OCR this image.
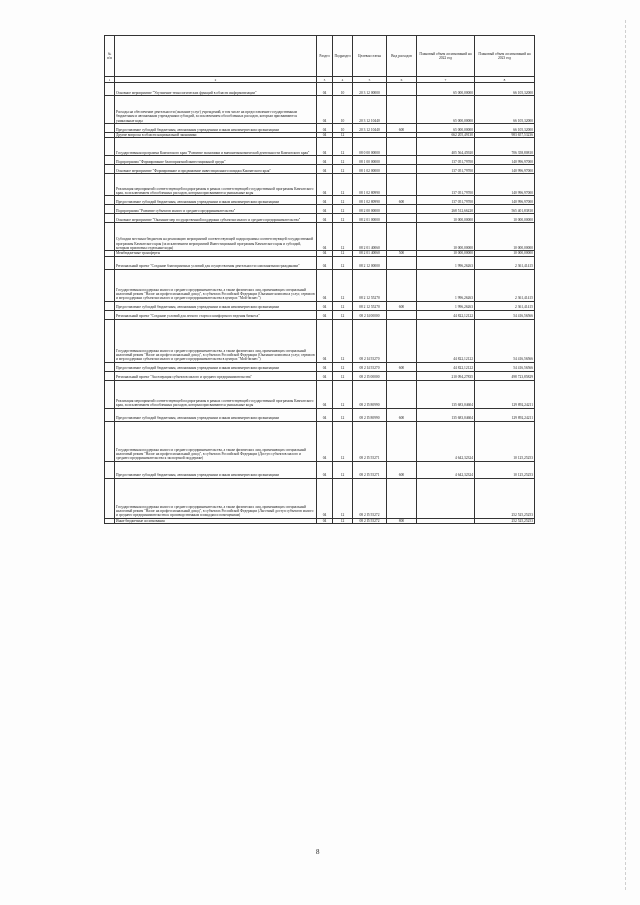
№ п/п		Раздел	Подраздел	Целевая статья	Вид расходов	Плановый объем ассигнований на 2022 год	Плановый объем ассигнований на 2023 год
1	2	3	4	5	6	7	8
	Основное мероприятие "Улучшение технологических функций в области информатизации"	04	10	20 3 12 00000		65 000,00000	66 105,32000
	Расходы на обеспечение деятельности (оказание услуг) учреждений, в том числе на предоставление государственным бюджетным и автономным учреждениям субсидий, за исключением обособленных расходов, которым присваиваются уникальные коды	04	10	20 3 12 10440		65 000,00000	66 105,32000
	Предоставление субсидий бюджетным, автономным учреждениям и иным некоммерческим организациям	04	10	20 3 12 10440	600	65 000,00000	66 105,32000
	Другие вопросы в области национальной экономики	04	12			662 205,49130	983 657,53236
	Государственная программа Камчатского края "Развитие экономики и внешнеэкономической деятельности Камчатского края"	04	12	08 0 00 00000		405 564,45920	706 358,80810
	Подпрограмма "Формирование благоприятной инвестиционной среды"	04	12	08 1 00 00000		137 051,79700	140 996,97000
	Основное мероприятие "Формирование и продвижение инвестиционного имиджа Камчатского края"	04	12	08 1 02 00000		137 051,79700	140 996,97000
	Реализация мероприятий соответствующей подпрограммы в рамках соответствующей государственной программы Камчатского края, за исключением обособленных расходов, которым присваиваются уникальные коды	04	12	08 1 02 80990		137 051,79700	140 996,97000
	Предоставление субсидий бюджетным, автономным учреждениям и иным некоммерческим организациям	04	12	08 1 02 80990	600	137 051,79700	140 996,97000
	Подпрограмма "Развитие субъектов малого и среднего предпринимательства"	04	12	08 2 00 00000		268 512,66220	565 401,83810
	Основное мероприятие "Оказание мер государственной поддержки субъектам малого и среднего предпринимательства"	04	12	08 2 01 00000		10 000,00000	10 000,00000
	Субсидии местным бюджетам на реализацию мероприятий соответствующей подпрограммы соответствующей государственной программы Камчатского края (за исключением мероприятий Инвестиционной программы Камчатского края и субсидий, которым присвоены отдельные коды)	04	12	08 2 01 40060		10 000,00000	10 000,00000
	Межбюджетные трансферты	04	12	08 2 01 40060	500	10 000,00000	10 000,00000
	Региональный проект "Создание благоприятных условий для осуществления деятельности самозанятыми гражданами"	04	12	08 2 12 00000		1 996,26263	2 361,41415
	Государственная поддержка малого и среднего предпринимательства, а также физических лиц, применяющих специальный налоговый режим "Налог на профессиональный доход", в субъектах Российской Федерации (Оказание комплекса услуг, сервисов и мер поддержки субъектам малого и среднего предпринимательства в центрах "Мой бизнес")	04	12	08 2 12 55270		1 996,26263	2 361,41415
	Предоставление субсидий бюджетным, автономным учреждениям и иным некоммерческим организациям	04	12	08 2 12 55270	600	1 996,26263	2 361,41415
	Региональный проект "Создание условий для легкого старта и комфортного ведения бизнеса"	04	12	08 2 I4 00000		44 822,12122	54 416,56566
	Государственная поддержка малого и среднего предпринимательства, а также физических лиц, применяющих специальный налоговый режим "Налог на профессиональный доход", в субъектах Российской Федерации (Оказание комплекса услуг, сервисов и мер поддержки субъектам малого и среднего предпринимательства в центрах "Мой бизнес")	04	12	08 2 I4 55270		44 822,12122	54 416,56566
	Предоставление субсидий бюджетным, автономным учреждениям и иным некоммерческим организациям	04	12	08 2 I4 55270	600	44 822,12122	54 416,56566
	Региональный проект "Акселерация субъектов малого и среднего предпринимательства"	04	12	08 2 I5 00000		210 094,27835	498 723,85829
	Реализация мероприятий соответствующей подпрограммы в рамках соответствующей государственной программы Камчатского края, за исключением обособленных расходов, которым присваиваются уникальные коды	04	12	08 2 I5 80990		135 683,04604	129 892,24211
	Предоставление субсидий бюджетным, автономным учреждениям и иным некоммерческим организациям	04	12	08 2 I5 80990	600	135 683,04604	129 892,24211
	Государственная поддержка малого и среднего предпринимательства, а также физических лиц, применяющих специальный налоговый режим "Налог на профессиональный доход", в субъектах Российской Федерации (Доступ субъектов малого и среднего предпринимательства к экспортной поддержке)	04	12	08 2 I5 55271		4 642,32324	10 125,25253
	Предоставление субсидий бюджетным, автономным учреждениям и иным некоммерческим организациям	04	12	08 2 I5 55271	600	4 642,32324	10 125,25253
	Государственная поддержка малого и среднего предпринимательства, а также физических лиц, применяющих специальный налоговый режим "Налог на профессиональный доход", в субъектах Российской Федерации (Льготный доступ субъектов малого и среднего предпринимательства к производственным площадям и помещениям)	04	12	08 2 I5 55272			252 525,25253
	Иные бюджетные ассигнования	04	12	08 2 I5 55272	800		252 525,25253
8
